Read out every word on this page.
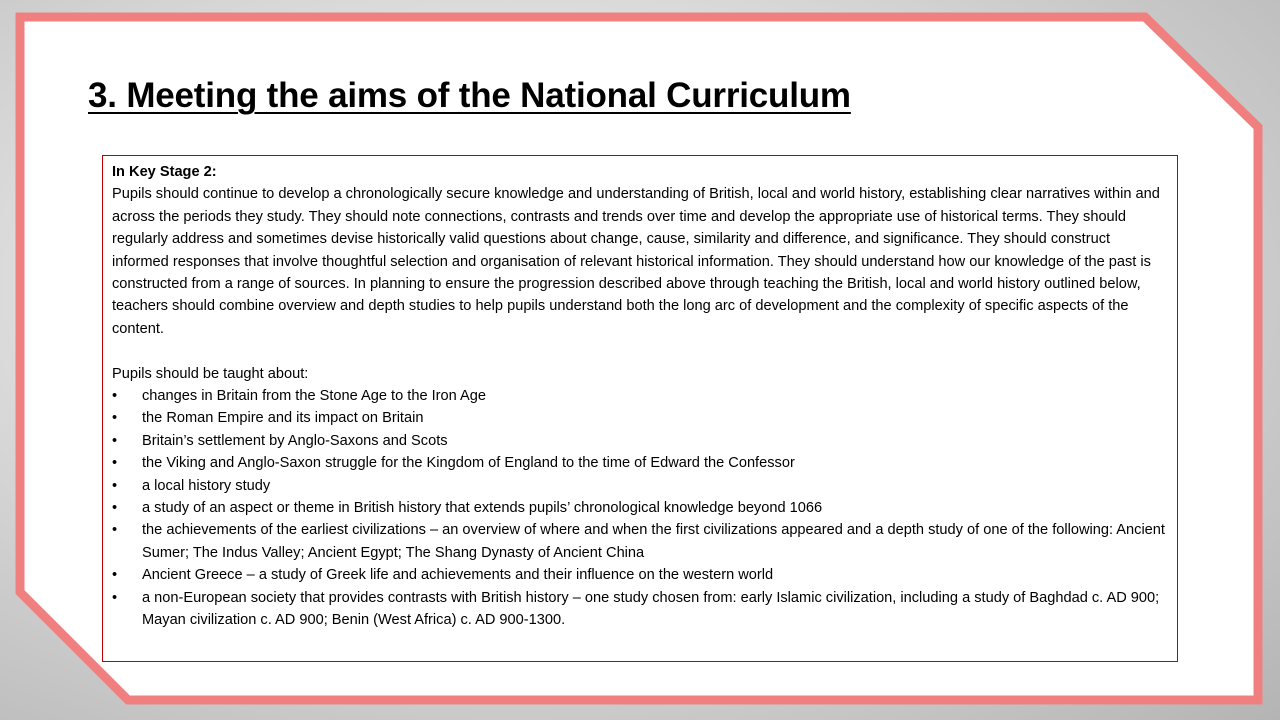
3. Meeting the aims of the National Curriculum

In Key Stage 2:

Pupils should continue to develop a chronologically secure knowledge and understanding of British, local and world history, establishing clear narratives within and across the periods they study. They should note connections, contrasts and trends over time and develop the appropriate use of historical terms. They should regularly address and sometimes devise historically valid questions about change, cause, similarity and difference, and significance. They should construct informed responses that involve thoughtful selection and organisation of relevant historical information. They should understand how our knowledge of the past is constructed from a range of sources. In planning to ensure the progression described above through teaching the British, local and world history outlined below, teachers should combine overview and depth studies to help pupils understand both the long arc of development and the complexity of specific aspects of the content.

Pupils should be taught about:

•	changes in Britain from the Stone Age to the Iron Age
•	the Roman Empire and its impact on Britain
•	Britain’s settlement by Anglo-Saxons and Scots
•	the Viking and Anglo-Saxon struggle for the Kingdom of England to the time of Edward the Confessor
•	a local history study
•	a study of an aspect or theme in British history that extends pupils’ chronological knowledge beyond 1066
•	the achievements of the earliest civilizations – an overview of where and when the first civilizations appeared and a depth study of one of the following: Ancient Sumer; The Indus Valley; Ancient Egypt; The Shang Dynasty of Ancient China
•	Ancient Greece – a study of Greek life and achievements and their influence on the western world
•	a non-European society that provides contrasts with British history – one study chosen from: early Islamic civilization, including a study of Baghdad c. AD 900; Mayan civilization c. AD 900; Benin (West Africa) c. AD 900-1300.
